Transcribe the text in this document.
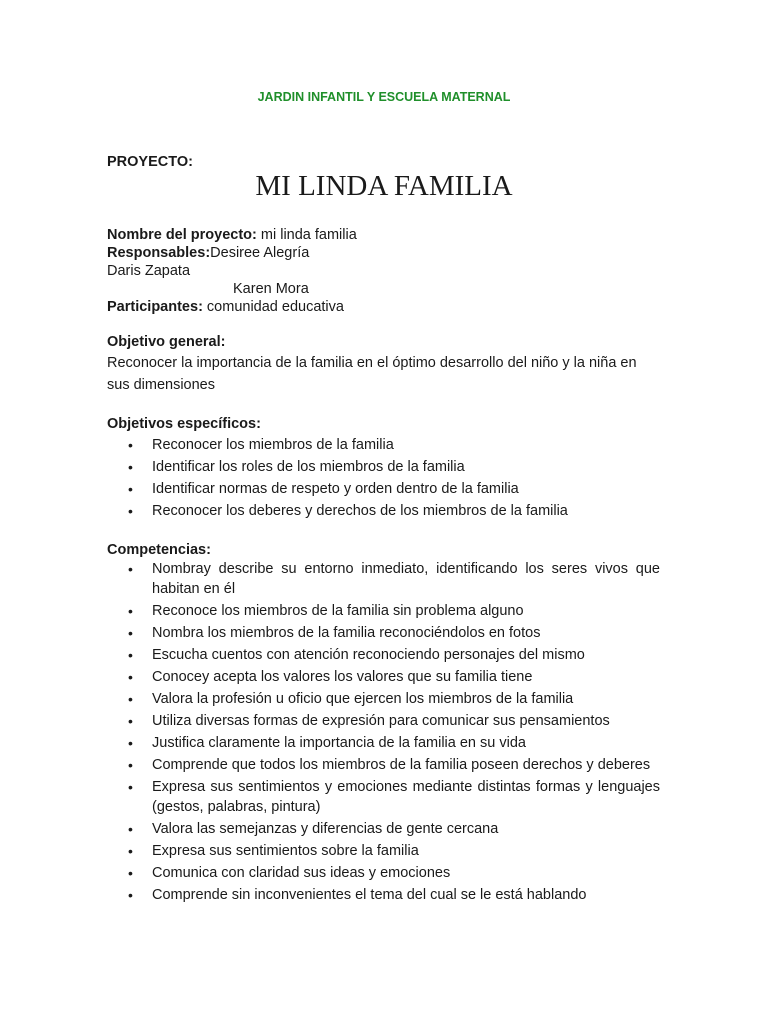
JARDIN INFANTIL Y ESCUELA MATERNAL
PROYECTO:
MI LINDA FAMILIA
Nombre del proyecto: mi linda familia
Responsables:Desiree Alegría
Daris Zapata
Karen Mora
Participantes: comunidad educativa
Objetivo general:
Reconocer la importancia de la familia en el óptimo desarrollo del niño y la niña en sus dimensiones
Objetivos específicos:
• Reconocer los miembros de la familia
• Identificar los roles de los miembros de la familia
• Identificar normas de respeto y orden dentro de la familia
• Reconocer los deberes y derechos de los miembros de la familia
Competencias:
• Nombray describe su entorno inmediato, identificando los seres vivos que habitan en él
• Reconoce los miembros de la familia sin problema alguno
• Nombra los miembros de la familia reconociéndolos en fotos
• Escucha cuentos con atención reconociendo personajes del mismo
• Conocey acepta los valores los valores que su familia tiene
• Valora la profesión u oficio que ejercen los miembros de la familia
• Utiliza diversas formas de expresión para comunicar sus pensamientos
• Justifica claramente la importancia de la familia en su vida
• Comprende que todos los miembros de la familia poseen derechos y deberes
• Expresa sus sentimientos y emociones mediante distintas formas y lenguajes (gestos, palabras, pintura)
• Valora las semejanzas y diferencias de gente cercana
• Expresa sus sentimientos sobre la familia
• Comunica con claridad sus ideas y emociones
• Comprende sin inconvenientes el tema del cual se le está hablando
